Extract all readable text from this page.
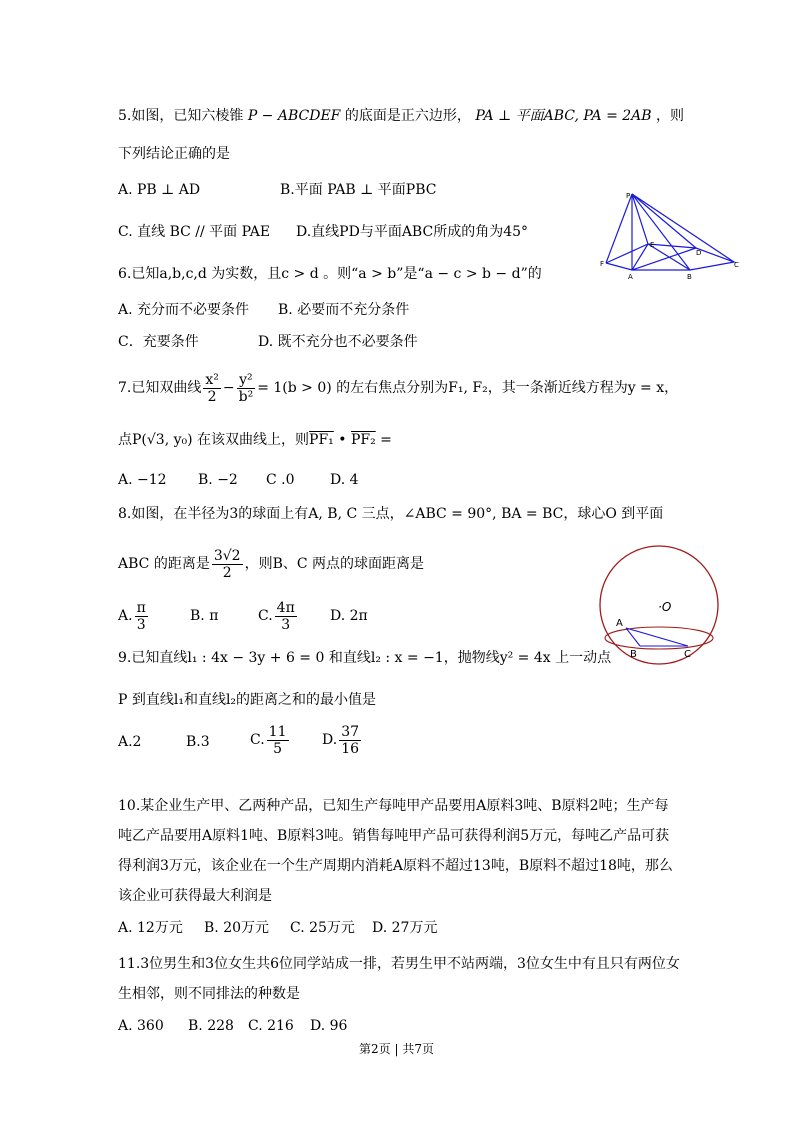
5.如图，已知六棱锥 P − ABCDEF 的底面是正六边形， PA ⊥ 平面ABC, PA = 2AB ，则
下列结论正确的是
A. PB ⊥ AD	B.平面 PAB ⊥ 平面PBC
C. 直线 BC // 平面 PAE D.直线PD与平面ABC所成的角为45°
P
E
D
F	C
A	B
6.已知a,b,c,d 为实数，且c > d 。则“a > b”是“a − c > b − d”的
A. 充分而不必要条件 B. 必要而不充分条件
C．充要条件	D. 既不充分也不必要条件
7.已知双曲线 $\frac{\text{x²}}{2} - \frac{\text{y²}}{\text{b²}} = 1(b > 0)$ 的左右焦点分别为F₁, F₂，其一条渐近线方程为y = x，
点P(√3, y₀) 在该双曲线上，则PF₁ • PF₂ =
A. −12 B. −2 C .0	D. 4
8.如图，在半径为3的球面上有A, B, C 三点，∠ABC = 90°, BA = BC，球心O 到平面
ABC 的距离是 $\frac{3√2}{2}$ ，则B、C 两点的球面距离是
A. $\frac{\pi}{3}$	B. π	C. $\frac{4\pi}{3} D$. 2π
·O
A
B	C
9.已知直线l₁ : 4x − 3y + 6 = 0 和直线l₂ : x = −1，抛物线y² = 4x 上一动点
P 到直线l₁和直线l₂的距离之和的最小值是
A.2	B.3	C. $\frac{11}{5} D$. $\frac{37}{16}$
10.某企业生产甲、乙两种产品，已知生产每吨甲产品要用A原料3吨、B原料2吨；生产每
吨乙产品要用A原料1吨、B原料3吨。销售每吨甲产品可获得利润5万元，每吨乙产品可获
得利润3万元，该企业在一个生产周期内消耗A原料不超过13吨，B原料不超过18吨，那么
该企业可获得最大利润是
A. 12万元 B. 20万元 C. 25万元 D. 27万元
11.3位男生和3位女生共6位同学站成一排，若男生甲不站两端，3位女生中有且只有两位女
生相邻，则不同排法的种数是
A. 360 B. 228 C. 216 D. 96
第2页 | 共7页
